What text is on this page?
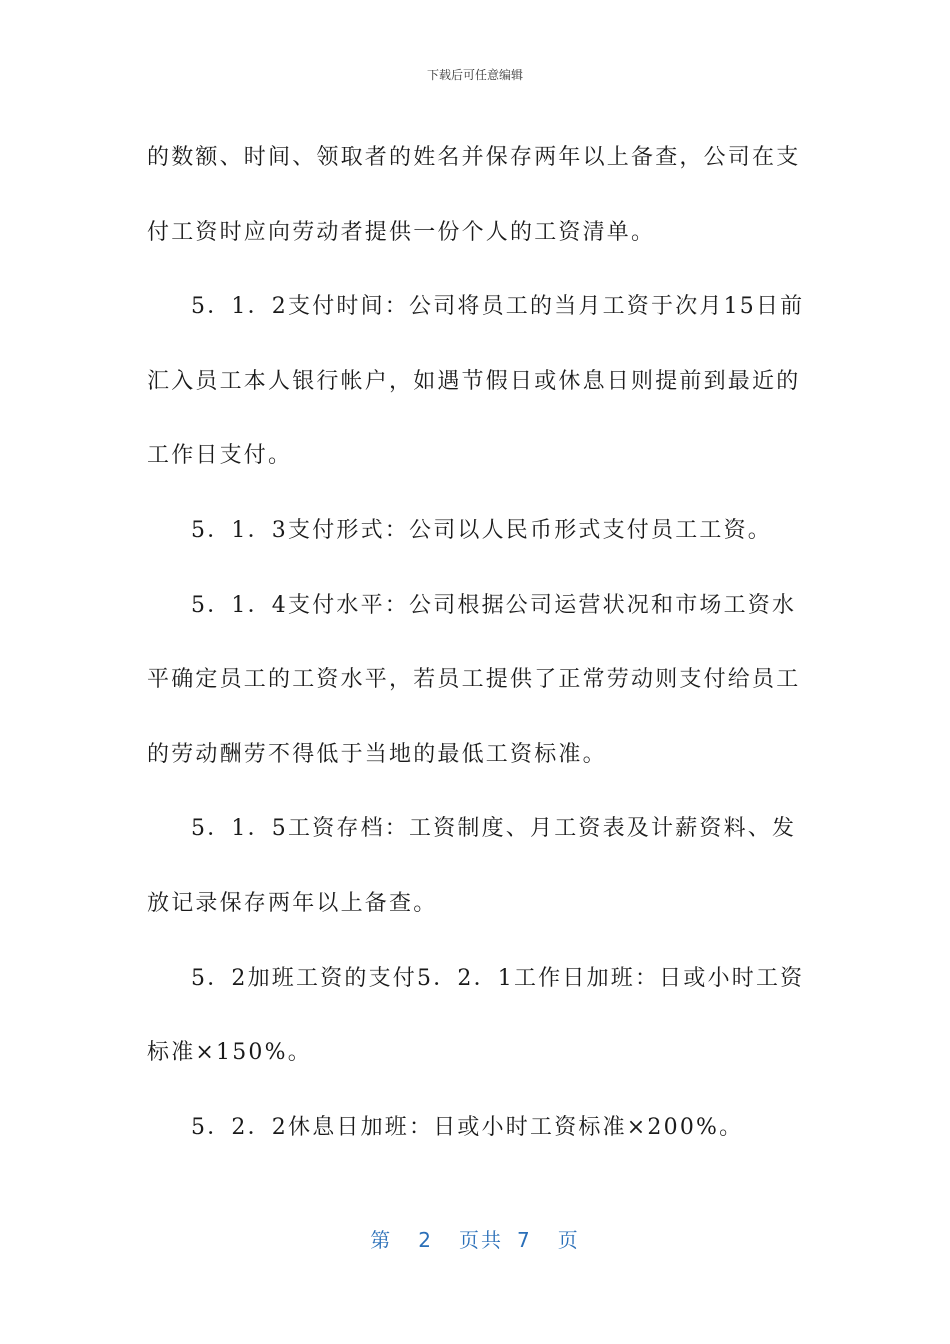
下载后可任意编辑
的数额、时间、领取者的姓名并保存两年以上备查，公司在支
付工资时应向劳动者提供一份个人的工资清单。
5．1．2支付时间：公司将员工的当月工资于次月15日前
汇入员工本人银行帐户，如遇节假日或休息日则提前到最近的
工作日支付。
5．1．3支付形式：公司以人民币形式支付员工工资。
5．1．4支付水平：公司根据公司运营状况和市场工资水
平确定员工的工资水平，若员工提供了正常劳动则支付给员工
的劳动酬劳不得低于当地的最低工资标准。
5．1．5工资存档：工资制度、月工资表及计薪资料、发
放记录保存两年以上备查。
5．2加班工资的支付5．2．1工作日加班：日或小时工资
标准×150%。
5．2．2休息日加班：日或小时工资标准×200%。
第 2 页共 7 页
